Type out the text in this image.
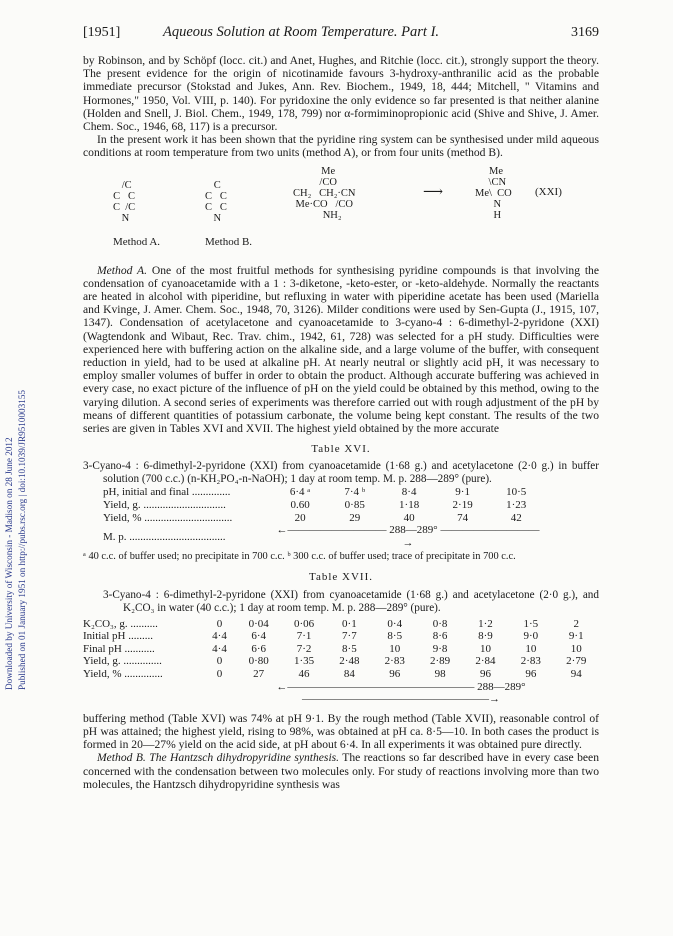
Downloaded by University of Wisconsin - Madison on 28 June 2012 Published on 01 January 1951 on http://pubs.rsc.org | doi:10.1039/JR9510003155
[1951]	Aqueous Solution at Room Temperature. Part I.	3169

by Robinson, and by Schöpf (locc. cit.) and Anet, Hughes, and Ritchie (locc. cit.), strongly support the theory. The present evidence for the origin of nicotinamide favours 3-hydroxy-anthranilic acid as the probable immediate precursor (Stokstad and Jukes, Ann. Rev. Biochem., 1949, 18, 444; Mitchell, " Vitamins and Hormones," 1950, Vol. VIII, p. 140). For pyridoxine the only evidence so far presented is that neither alanine (Holden and Snell, J. Biol. Chem., 1949, 178, 799) nor α-formiminopropionic acid (Shive and Shive, J. Amer. Chem. Soc., 1946, 68, 117) is a precursor.

In the present work it has been shown that the pyridine ring system can be synthesised under mild aqueous conditions at room temperature from two units (method A), or from four units (method B).

/C
C   C
C  /C
N
C
C   C
C   C
N
Method A.	Method B.
Me
/CO
CH₂   CH₂·CN
Me·CO   /CO
NH₂
⟶
Me
\CN
Me\  CO
N
H
(XXI)

Method A. One of the most fruitful methods for synthesising pyridine compounds is that involving the condensation of cyanoacetamide with a 1 : 3-diketone, -keto-ester, or -keto-aldehyde. Normally the reactants are heated in alcohol with piperidine, but refluxing in water with piperidine acetate has been used (Mariella and Kvinge, J. Amer. Chem. Soc., 1948, 70, 3126). Milder conditions were used by Sen-Gupta (J., 1915, 107, 1347). Condensation of acetylacetone and cyanoacetamide to 3-cyano-4 : 6-dimethyl-2-pyridone (XXI) (Wagtendonk and Wibaut, Rec. Trav. chim., 1942, 61, 728) was selected for a pH study. Difficulties were experienced here with buffering action on the alkaline side, and a large volume of the buffer, with consequent reduction in yield, had to be used at alkaline pH. At nearly neutral or slightly acid pH, it was necessary to employ smaller volumes of buffer in order to obtain the product. Although accurate buffering was achieved in every case, no exact picture of the influence of pH on the yield could be obtained by this method, owing to the varying dilution. A second series of experiments was therefore carried out with rough adjustment of the pH by means of different quantities of potassium carbonate, the volume being kept constant. The results of the two series are given in Tables XVI and XVII. The highest yield obtained by the more accurate

Table XVI.

3-Cyano-4 : 6-dimethyl-2-pyridone (XXI) from cyanoacetamide (1·68 g.) and acetylacetone (2·0 g.) in buffer solution (700 c.c.) (n-KH₂PO₄-n-NaOH); 1 day at room temp. M. p. 288—289° (pure).

pH, initial and final ..............	6·4 ᵃ	7·4 ᵇ	8·4	9·1	10·5
Yield, g. ..............................	0.60	0·85	1·18	2·19	1·23
Yield, % ................................	20	29	40	74	42
M. p. ...................................	←————————— 288—289° —————————→				

ᵃ 40 c.c. of buffer used; no precipitate in 700 c.c. ᵇ 300 c.c. of buffer used; trace of precipitate in 700 c.c.

Table XVII.

3-Cyano-4 : 6-dimethyl-2-pyridone (XXI) from cyanoacetamide (1·68 g.) and acetylacetone (2·0 g.), and K₂CO₃ in water (40 c.c.); 1 day at room temp. M. p. 288—289° (pure).

K₂CO₃, g. ..........	0	0·04	0·06	0·1	0·4	0·8	1·2	1·5	2
Initial pH .........	4·4	6·4	7·1	7·7	8·5	8·6	8·9	9·0	9·1
Final pH ...........	4·4	6·6	7·2	8·5	10	9·8	10	10	10
Yield, g. ..............	0	0·80	1·35	2·48	2·83	2·89	2·84	2·83	2·79
Yield, % ..............	0	27	46	84	96	98	96	96	94
	←————————————————— 288—289° —————————————————→								

buffering method (Table XVI) was 74% at pH 9·1. By the rough method (Table XVII), reasonable control of pH was attained; the highest yield, rising to 98%, was obtained at pH ca. 8·5—10. In both cases the product is formed in 20—27% yield on the acid side, at pH about 6·4. In all experiments it was obtained pure directly.

Method B. The Hantzsch dihydropyridine synthesis. The reactions so far described have in every case been concerned with the condensation between two molecules only. For study of reactions involving more than two molecules, the Hantzsch dihydropyridine synthesis was
